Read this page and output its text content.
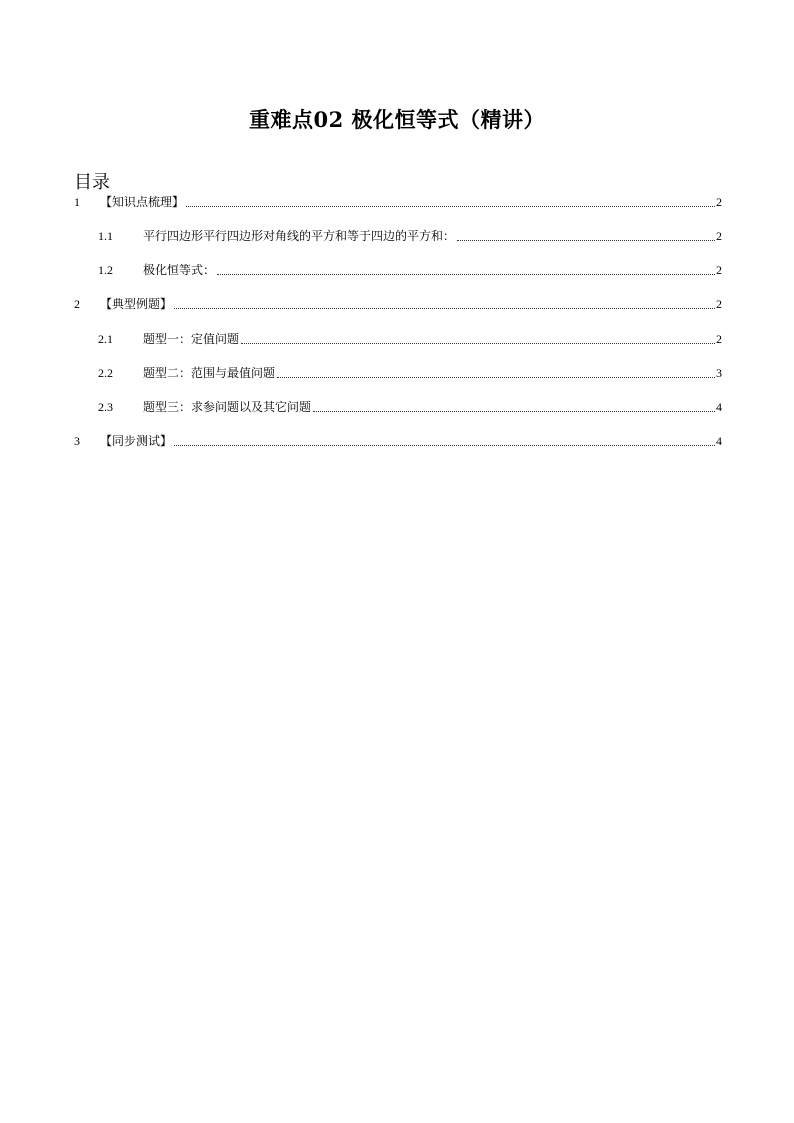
重难点02 极化恒等式（精讲）
目录
1	【知识点梳理】	2
1.1	平行四边形平行四边形对角线的平方和等于四边的平方和：	2
1.2	极化恒等式：	2
2	【典型例题】	2
2.1	题型一：定值问题	2
2.2	题型二：范围与最值问题	3
2.3	题型三：求参问题以及其它问题	4
3	【同步测试】	4
